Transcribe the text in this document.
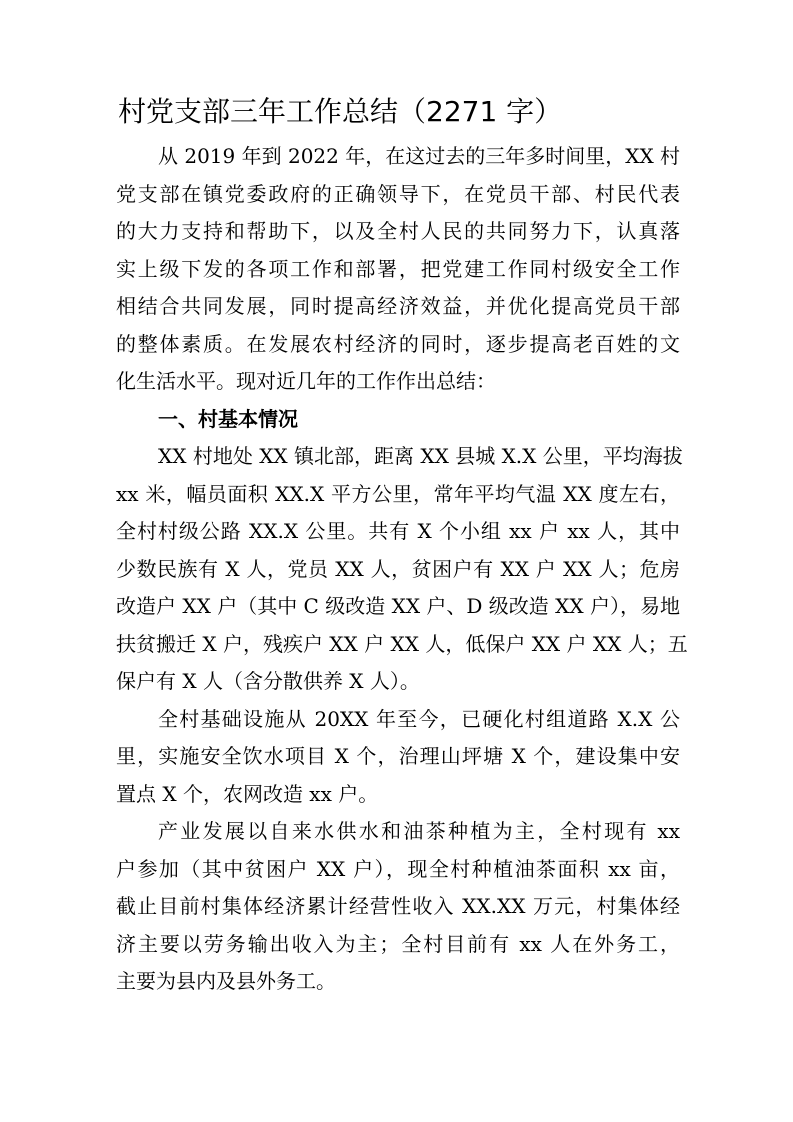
村党支部三年工作总结（2271 字）
从 2019 年到 2022 年，在这过去的三年多时间里，XX 村
党支部在镇党委政府的正确领导下，在党员干部、村民代表
的大力支持和帮助下，以及全村人民的共同努力下，认真落
实上级下发的各项工作和部署，把党建工作同村级安全工作
相结合共同发展，同时提高经济效益，并优化提高党员干部
的整体素质。在发展农村经济的同时，逐步提高老百姓的文
化生活水平。现对近几年的工作作出总结：
一、村基本情况
XX 村地处 XX 镇北部，距离 XX 县城 X.X 公里，平均海拔
xx 米，幅员面积 XX.X 平方公里，常年平均气温 XX 度左右，
全村村级公路 XX.X 公里。共有 X 个小组 xx 户 xx 人，其中
少数民族有 X 人，党员 XX 人，贫困户有 XX 户 XX 人；危房
改造户 XX 户（其中 C 级改造 XX 户、D 级改造 XX 户），易地
扶贫搬迁 X 户，残疾户 XX 户 XX 人，低保户 XX 户 XX 人；五
保户有 X 人（含分散供养 X 人）。
全村基础设施从 20XX 年至今，已硬化村组道路 X.X 公
里，实施安全饮水项目 X 个，治理山坪塘 X 个，建设集中安
置点 X 个，农网改造 xx 户。
产业发展以自来水供水和油茶种植为主，全村现有 xx
户参加（其中贫困户 XX 户），现全村种植油茶面积 xx 亩，
截止目前村集体经济累计经营性收入 XX.XX 万元，村集体经
济主要以劳务输出收入为主；全村目前有 xx 人在外务工，
主要为县内及县外务工。
